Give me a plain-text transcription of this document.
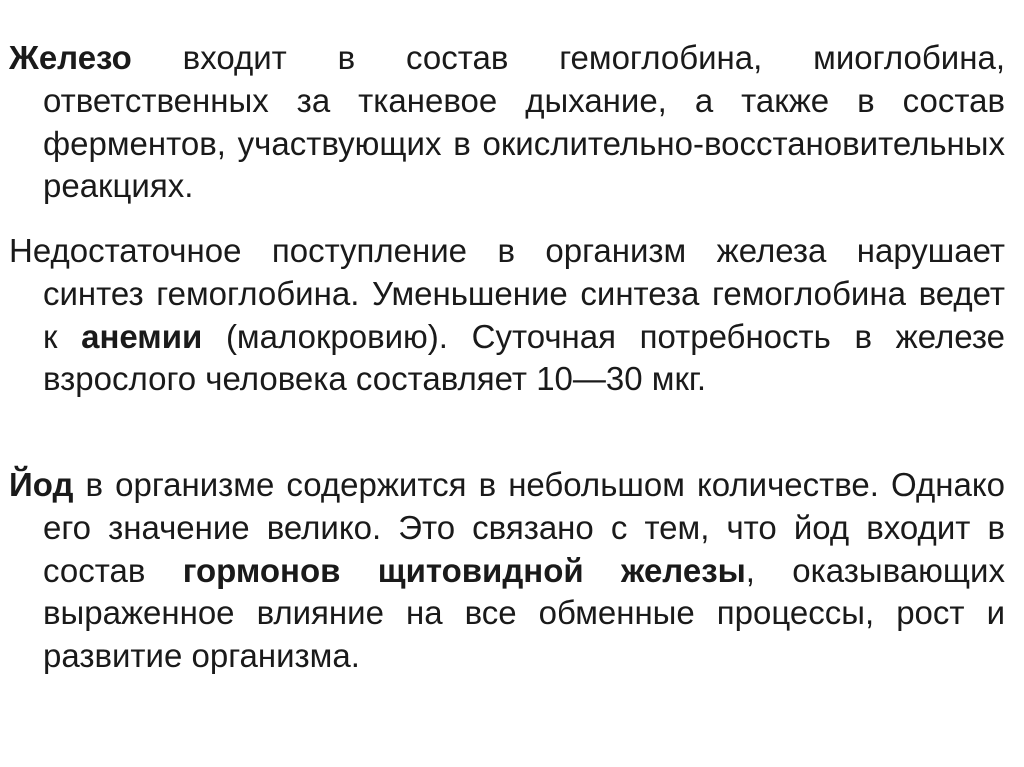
Железо входит в состав гемоглобина, миоглобина, ответственных за тканевое дыхание, а также в состав ферментов, участвующих в окислительно-восстановительных реакциях.

Недостаточное поступление в организм железа нарушает синтез гемоглобина. Уменьшение синтеза гемоглобина ведет к анемии (малокровию). Суточная потребность в железе взрослого человека составляет 10—30 мкг.

Йод в организме содержится в небольшом количестве. Однако его значение велико. Это связано с тем, что йод входит в состав гормонов щитовидной железы, оказывающих выраженное влияние на все обменные процессы, рост и развитие организма.
